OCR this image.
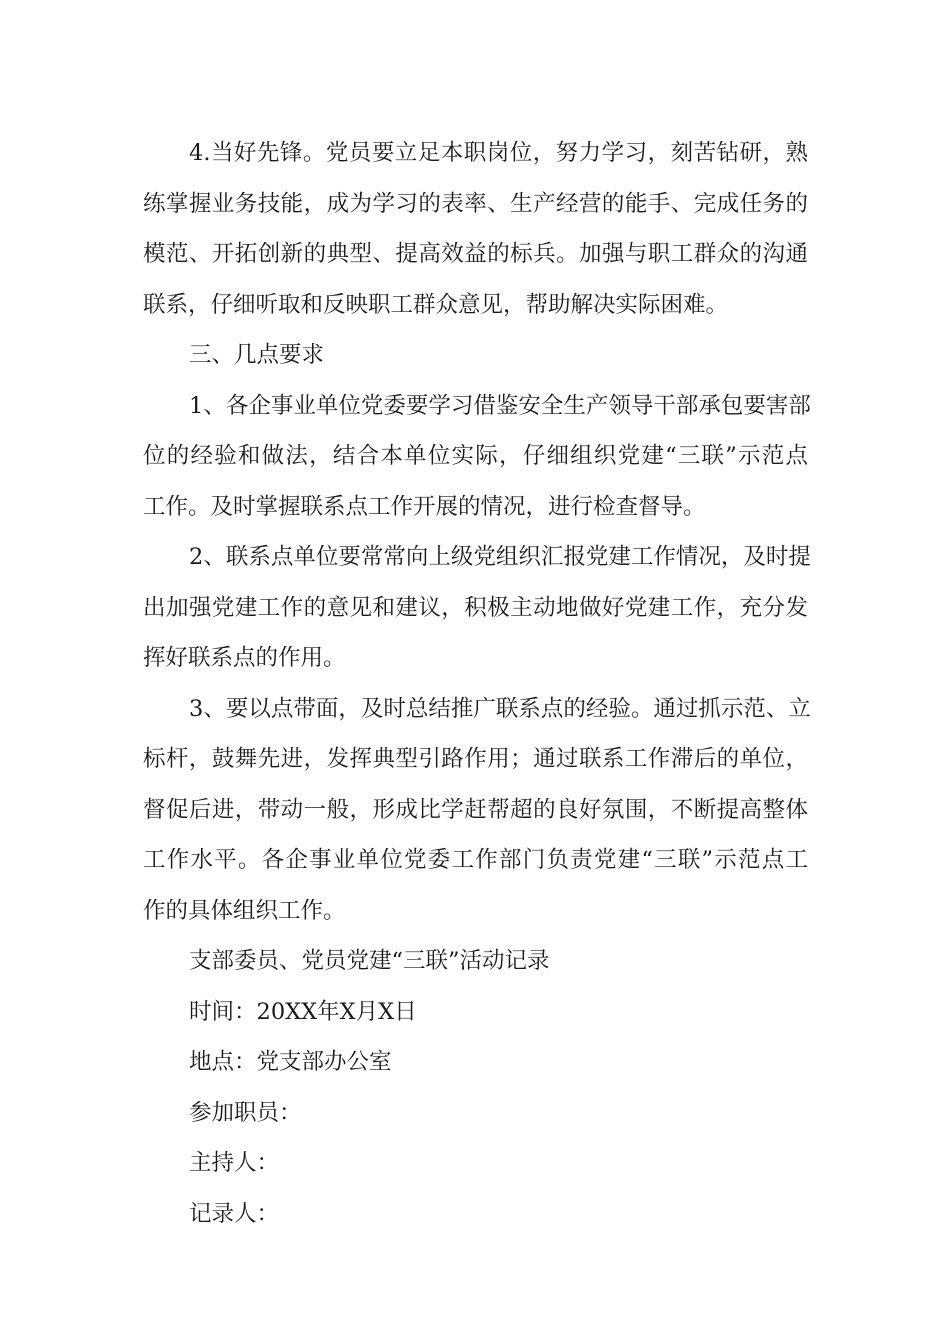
4.当好先锋。党员要立足本职岗位，努力学习，刻苦钻研，熟
练掌握业务技能，成为学习的表率、生产经营的能手、完成任务的
模范、开拓创新的典型、提高效益的标兵。加强与职工群众的沟通
联系，仔细听取和反映职工群众意见，帮助解决实际困难。
三、几点要求
1、各企事业单位党委要学习借鉴安全生产领导干部承包要害部
位的经验和做法，结合本单位实际，仔细组织党建“三联”示范点
工作。及时掌握联系点工作开展的情况，进行检查督导。
2、联系点单位要常常向上级党组织汇报党建工作情况，及时提
出加强党建工作的意见和建议，积极主动地做好党建工作，充分发
挥好联系点的作用。
3、要以点带面，及时总结推广联系点的经验。通过抓示范、立
标杆，鼓舞先进，发挥典型引路作用；通过联系工作滞后的单位，
督促后进，带动一般，形成比学赶帮超的良好氛围，不断提高整体
工作水平。各企事业单位党委工作部门负责党建“三联”示范点工
作的具体组织工作。
支部委员、党员党建“三联”活动记录
时间：20XX年X月X日
地点：党支部办公室
参加职员：
主持人：
记录人：
